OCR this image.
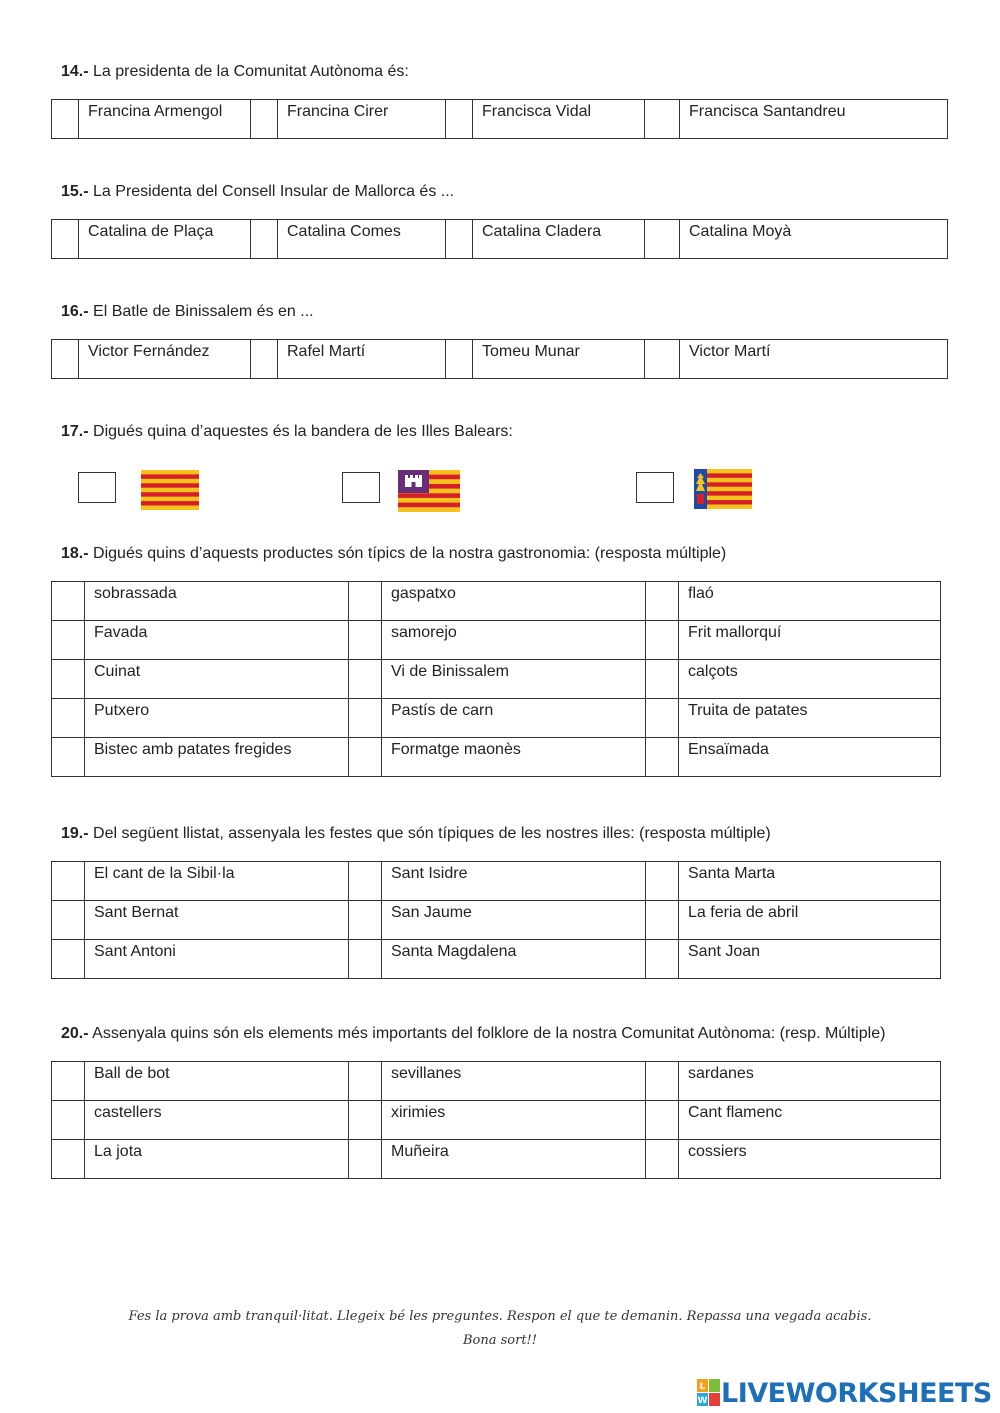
14.- La presidenta de la Comunitat Autònoma és:

Francina Armengol		Francina Cirer		Francisca Vidal		Francisca Santandreu
15.- La Presidenta del Consell Insular de Mallorca és ...

Catalina de Plaça		Catalina Comes		Catalina Cladera		Catalina Moyà
16.- El Batle de Binissalem és en ...

Victor Fernández		Rafel Martí		Tomeu Munar		Victor Martí
17.- Digués quina d’aquestes és la bandera de les Illes Balears:
18.- Digués quins d’aquests productes són típics de la nostra gastronomia: (resposta múltiple)

	sobrassada		gaspatxo		flaó

	Favada		samorejo		Frit mallorquí

	Cuinat		Vi de Binissalem		calçots

	Putxero		Pastís de carn		Truita de patates

	Bistec amb patates fregides		Formatge maonès		Ensaïmada
19.- Del següent llistat, assenyala les festes que són típiques de les nostres illes: (resposta múltiple)

	El cant de la Sibil·la		Sant Isidre		Santa Marta

	Sant Bernat		San Jaume		La feria de abril

	Sant Antoni		Santa Magdalena		Sant Joan
20.- Assenyala quins són els elements més importants del folklore de la nostra Comunitat Autònoma: (resp. Múltiple)

	Ball de bot		sevillanes		sardanes

	castellers		xirimies		Cant flamenc

	La jota		Muñeira		cossiers
Fes la prova amb tranquil·litat. Llegeix bé les preguntes. Respon el que te demanin. Repassa una vegada acabis.
Bona sort!!
L
W LIVEWORKSHEETS
